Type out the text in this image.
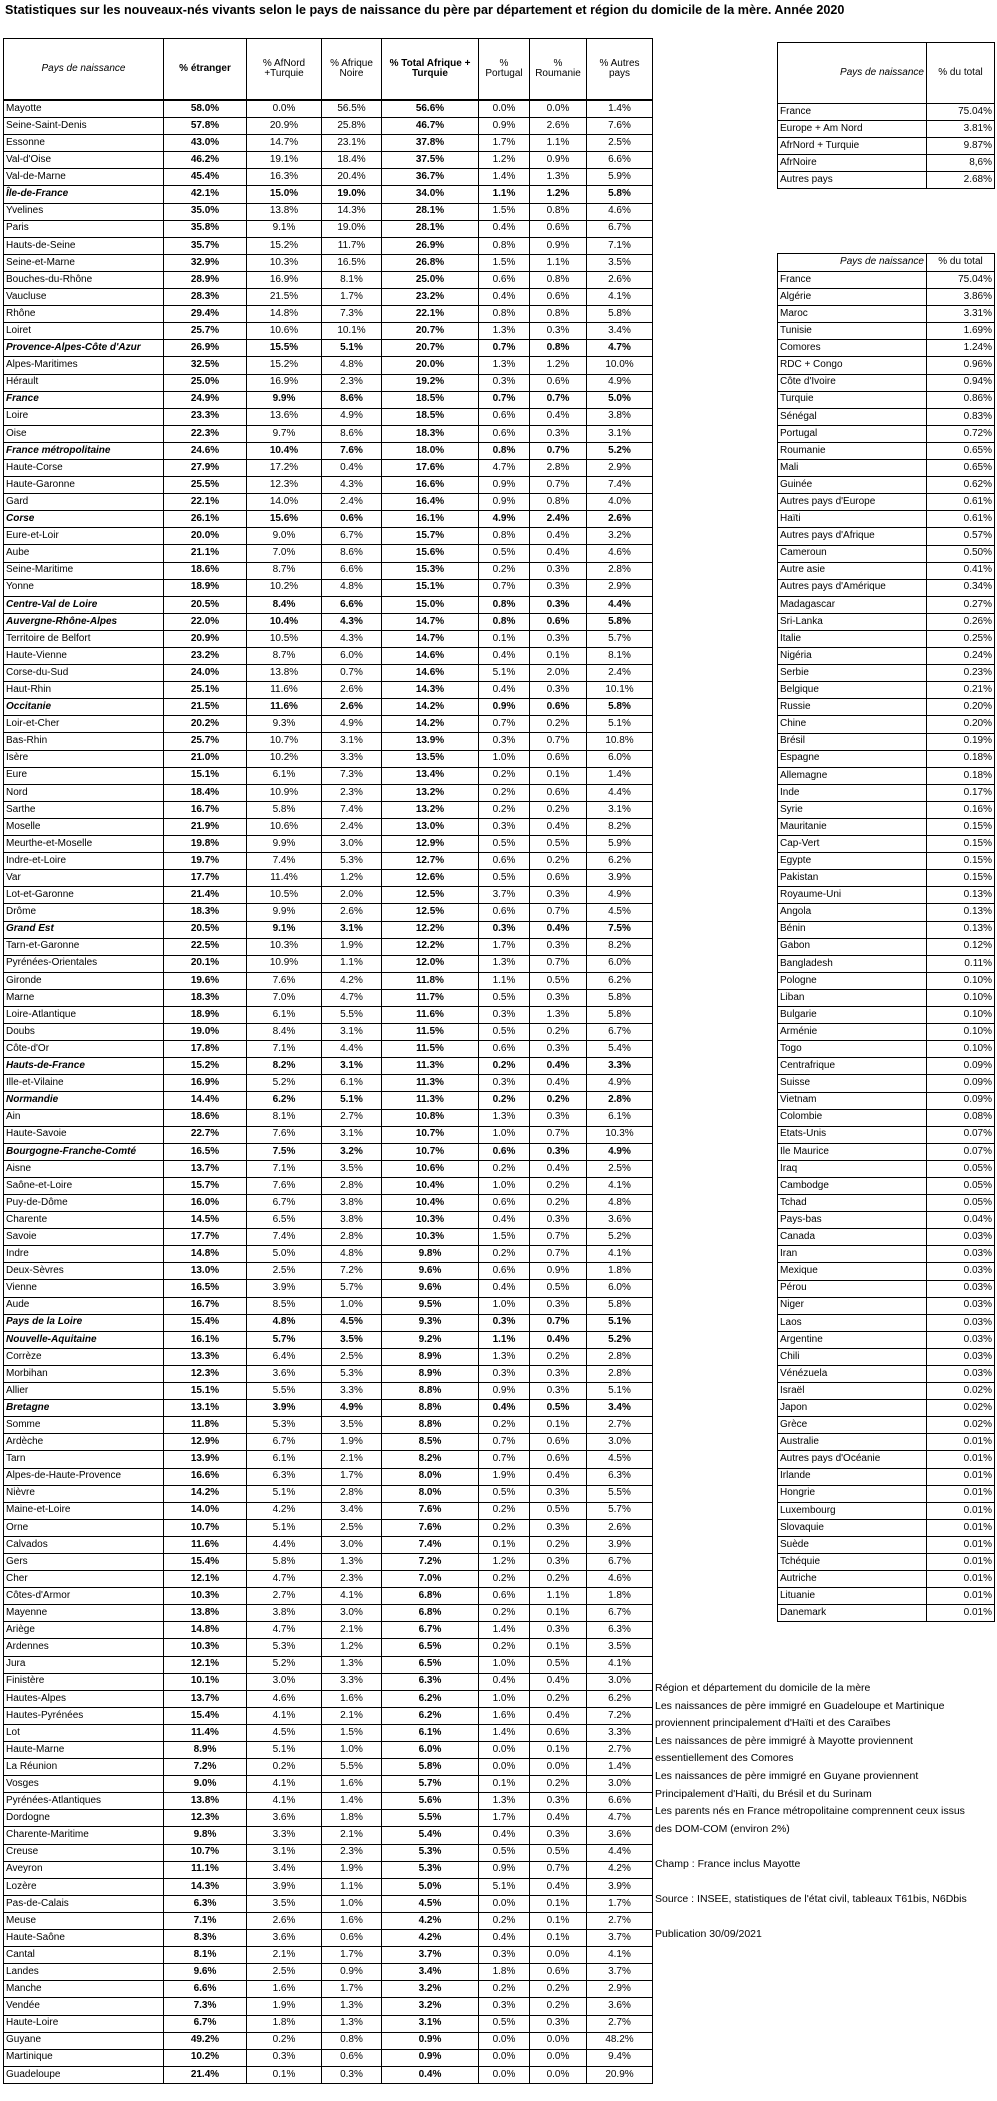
Statistiques sur les nouveaux-nés vivants selon le pays de naissance du père par département et région du domicile de la mère. Année 2020
Pays de naissance	% étranger	% AfNord +Turquie	% Afrique Noire	% Total Afrique + Turquie	% Portugal	% Roumanie	% Autres pays
Mayotte	58.0%	0.0%	56.5%	56.6%	0.0%	0.0%	1.4%
Seine-Saint-Denis	57.8%	20.9%	25.8%	46.7%	0.9%	2.6%	7.6%
Essonne	43.0%	14.7%	23.1%	37.8%	1.7%	1.1%	2.5%
Val-d'Oise	46.2%	19.1%	18.4%	37.5%	1.2%	0.9%	6.6%
Val-de-Marne	45.4%	16.3%	20.4%	36.7%	1.4%	1.3%	5.9%
Île-de-France	42.1%	15.0%	19.0%	34.0%	1.1%	1.2%	5.8%
Yvelines	35.0%	13.8%	14.3%	28.1%	1.5%	0.8%	4.6%
Paris	35.8%	9.1%	19.0%	28.1%	0.4%	0.6%	6.7%
Hauts-de-Seine	35.7%	15.2%	11.7%	26.9%	0.8%	0.9%	7.1%
Seine-et-Marne	32.9%	10.3%	16.5%	26.8%	1.5%	1.1%	3.5%
Bouches-du-Rhône	28.9%	16.9%	8.1%	25.0%	0.6%	0.8%	2.6%
Vaucluse	28.3%	21.5%	1.7%	23.2%	0.4%	0.6%	4.1%
Rhône	29.4%	14.8%	7.3%	22.1%	0.8%	0.8%	5.8%
Loiret	25.7%	10.6%	10.1%	20.7%	1.3%	0.3%	3.4%
Provence-Alpes-Côte d'Azur	26.9%	15.5%	5.1%	20.7%	0.7%	0.8%	4.7%
Alpes-Maritimes	32.5%	15.2%	4.8%	20.0%	1.3%	1.2%	10.0%
Hérault	25.0%	16.9%	2.3%	19.2%	0.3%	0.6%	4.9%
France	24.9%	9.9%	8.6%	18.5%	0.7%	0.7%	5.0%
Loire	23.3%	13.6%	4.9%	18.5%	0.6%	0.4%	3.8%
Oise	22.3%	9.7%	8.6%	18.3%	0.6%	0.3%	3.1%
France métropolitaine	24.6%	10.4%	7.6%	18.0%	0.8%	0.7%	5.2%
Haute-Corse	27.9%	17.2%	0.4%	17.6%	4.7%	2.8%	2.9%
Haute-Garonne	25.5%	12.3%	4.3%	16.6%	0.9%	0.7%	7.4%
Gard	22.1%	14.0%	2.4%	16.4%	0.9%	0.8%	4.0%
Corse	26.1%	15.6%	0.6%	16.1%	4.9%	2.4%	2.6%
Eure-et-Loir	20.0%	9.0%	6.7%	15.7%	0.8%	0.4%	3.2%
Aube	21.1%	7.0%	8.6%	15.6%	0.5%	0.4%	4.6%
Seine-Maritime	18.6%	8.7%	6.6%	15.3%	0.2%	0.3%	2.8%
Yonne	18.9%	10.2%	4.8%	15.1%	0.7%	0.3%	2.9%
Centre-Val de Loire	20.5%	8.4%	6.6%	15.0%	0.8%	0.3%	4.4%
Auvergne-Rhône-Alpes	22.0%	10.4%	4.3%	14.7%	0.8%	0.6%	5.8%
Territoire de Belfort	20.9%	10.5%	4.3%	14.7%	0.1%	0.3%	5.7%
Haute-Vienne	23.2%	8.7%	6.0%	14.6%	0.4%	0.1%	8.1%
Corse-du-Sud	24.0%	13.8%	0.7%	14.6%	5.1%	2.0%	2.4%
Haut-Rhin	25.1%	11.6%	2.6%	14.3%	0.4%	0.3%	10.1%
Occitanie	21.5%	11.6%	2.6%	14.2%	0.9%	0.6%	5.8%
Loir-et-Cher	20.2%	9.3%	4.9%	14.2%	0.7%	0.2%	5.1%
Bas-Rhin	25.7%	10.7%	3.1%	13.9%	0.3%	0.7%	10.8%
Isère	21.0%	10.2%	3.3%	13.5%	1.0%	0.6%	6.0%
Eure	15.1%	6.1%	7.3%	13.4%	0.2%	0.1%	1.4%
Nord	18.4%	10.9%	2.3%	13.2%	0.2%	0.6%	4.4%
Sarthe	16.7%	5.8%	7.4%	13.2%	0.2%	0.2%	3.1%
Moselle	21.9%	10.6%	2.4%	13.0%	0.3%	0.4%	8.2%
Meurthe-et-Moselle	19.8%	9.9%	3.0%	12.9%	0.5%	0.5%	5.9%
Indre-et-Loire	19.7%	7.4%	5.3%	12.7%	0.6%	0.2%	6.2%
Var	17.7%	11.4%	1.2%	12.6%	0.5%	0.6%	3.9%
Lot-et-Garonne	21.4%	10.5%	2.0%	12.5%	3.7%	0.3%	4.9%
Drôme	18.3%	9.9%	2.6%	12.5%	0.6%	0.7%	4.5%
Grand Est	20.5%	9.1%	3.1%	12.2%	0.3%	0.4%	7.5%
Tarn-et-Garonne	22.5%	10.3%	1.9%	12.2%	1.7%	0.3%	8.2%
Pyrénées-Orientales	20.1%	10.9%	1.1%	12.0%	1.3%	0.7%	6.0%
Gironde	19.6%	7.6%	4.2%	11.8%	1.1%	0.5%	6.2%
Marne	18.3%	7.0%	4.7%	11.7%	0.5%	0.3%	5.8%
Loire-Atlantique	18.9%	6.1%	5.5%	11.6%	0.3%	1.3%	5.8%
Doubs	19.0%	8.4%	3.1%	11.5%	0.5%	0.2%	6.7%
Côte-d'Or	17.8%	7.1%	4.4%	11.5%	0.6%	0.3%	5.4%
Hauts-de-France	15.2%	8.2%	3.1%	11.3%	0.2%	0.4%	3.3%
Ille-et-Vilaine	16.9%	5.2%	6.1%	11.3%	0.3%	0.4%	4.9%
Normandie	14.4%	6.2%	5.1%	11.3%	0.2%	0.2%	2.8%
Ain	18.6%	8.1%	2.7%	10.8%	1.3%	0.3%	6.1%
Haute-Savoie	22.7%	7.6%	3.1%	10.7%	1.0%	0.7%	10.3%
Bourgogne-Franche-Comté	16.5%	7.5%	3.2%	10.7%	0.6%	0.3%	4.9%
Aisne	13.7%	7.1%	3.5%	10.6%	0.2%	0.4%	2.5%
Saône-et-Loire	15.7%	7.6%	2.8%	10.4%	1.0%	0.2%	4.1%
Puy-de-Dôme	16.0%	6.7%	3.8%	10.4%	0.6%	0.2%	4.8%
Charente	14.5%	6.5%	3.8%	10.3%	0.4%	0.3%	3.6%
Savoie	17.7%	7.4%	2.8%	10.3%	1.5%	0.7%	5.2%
Indre	14.8%	5.0%	4.8%	9.8%	0.2%	0.7%	4.1%
Deux-Sèvres	13.0%	2.5%	7.2%	9.6%	0.6%	0.9%	1.8%
Vienne	16.5%	3.9%	5.7%	9.6%	0.4%	0.5%	6.0%
Aude	16.7%	8.5%	1.0%	9.5%	1.0%	0.3%	5.8%
Pays de la Loire	15.4%	4.8%	4.5%	9.3%	0.3%	0.7%	5.1%
Nouvelle-Aquitaine	16.1%	5.7%	3.5%	9.2%	1.1%	0.4%	5.2%
Corrèze	13.3%	6.4%	2.5%	8.9%	1.3%	0.2%	2.8%
Morbihan	12.3%	3.6%	5.3%	8.9%	0.3%	0.3%	2.8%
Allier	15.1%	5.5%	3.3%	8.8%	0.9%	0.3%	5.1%
Bretagne	13.1%	3.9%	4.9%	8.8%	0.4%	0.5%	3.4%
Somme	11.8%	5.3%	3.5%	8.8%	0.2%	0.1%	2.7%
Ardèche	12.9%	6.7%	1.9%	8.5%	0.7%	0.6%	3.0%
Tarn	13.9%	6.1%	2.1%	8.2%	0.7%	0.6%	4.5%
Alpes-de-Haute-Provence	16.6%	6.3%	1.7%	8.0%	1.9%	0.4%	6.3%
Nièvre	14.2%	5.1%	2.8%	8.0%	0.5%	0.3%	5.5%
Maine-et-Loire	14.0%	4.2%	3.4%	7.6%	0.2%	0.5%	5.7%
Orne	10.7%	5.1%	2.5%	7.6%	0.2%	0.3%	2.6%
Calvados	11.6%	4.4%	3.0%	7.4%	0.1%	0.2%	3.9%
Gers	15.4%	5.8%	1.3%	7.2%	1.2%	0.3%	6.7%
Cher	12.1%	4.7%	2.3%	7.0%	0.2%	0.2%	4.6%
Côtes-d'Armor	10.3%	2.7%	4.1%	6.8%	0.6%	1.1%	1.8%
Mayenne	13.8%	3.8%	3.0%	6.8%	0.2%	0.1%	6.7%
Ariège	14.8%	4.7%	2.1%	6.7%	1.4%	0.3%	6.3%
Ardennes	10.3%	5.3%	1.2%	6.5%	0.2%	0.1%	3.5%
Jura	12.1%	5.2%	1.3%	6.5%	1.0%	0.5%	4.1%
Finistère	10.1%	3.0%	3.3%	6.3%	0.4%	0.4%	3.0%
Hautes-Alpes	13.7%	4.6%	1.6%	6.2%	1.0%	0.2%	6.2%
Hautes-Pyrénées	15.4%	4.1%	2.1%	6.2%	1.6%	0.4%	7.2%
Lot	11.4%	4.5%	1.5%	6.1%	1.4%	0.6%	3.3%
Haute-Marne	8.9%	5.1%	1.0%	6.0%	0.0%	0.1%	2.7%
La Réunion	7.2%	0.2%	5.5%	5.8%	0.0%	0.0%	1.4%
Vosges	9.0%	4.1%	1.6%	5.7%	0.1%	0.2%	3.0%
Pyrénées-Atlantiques	13.8%	4.1%	1.4%	5.6%	1.3%	0.3%	6.6%
Dordogne	12.3%	3.6%	1.8%	5.5%	1.7%	0.4%	4.7%
Charente-Maritime	9.8%	3.3%	2.1%	5.4%	0.4%	0.3%	3.6%
Creuse	10.7%	3.1%	2.3%	5.3%	0.5%	0.5%	4.4%
Aveyron	11.1%	3.4%	1.9%	5.3%	0.9%	0.7%	4.2%
Lozère	14.3%	3.9%	1.1%	5.0%	5.1%	0.4%	3.9%
Pas-de-Calais	6.3%	3.5%	1.0%	4.5%	0.0%	0.1%	1.7%
Meuse	7.1%	2.6%	1.6%	4.2%	0.2%	0.1%	2.7%
Haute-Saône	8.3%	3.6%	0.6%	4.2%	0.4%	0.1%	3.7%
Cantal	8.1%	2.1%	1.7%	3.7%	0.3%	0.0%	4.1%
Landes	9.6%	2.5%	0.9%	3.4%	1.8%	0.6%	3.7%
Manche	6.6%	1.6%	1.7%	3.2%	0.2%	0.2%	2.9%
Vendée	7.3%	1.9%	1.3%	3.2%	0.3%	0.2%	3.6%
Haute-Loire	6.7%	1.8%	1.3%	3.1%	0.5%	0.3%	2.7%
Guyane	49.2%	0.2%	0.8%	0.9%	0.0%	0.0%	48.2%
Martinique	10.2%	0.3%	0.6%	0.9%	0.0%	0.0%	9.4%
Guadeloupe	21.4%	0.1%	0.3%	0.4%	0.0%	0.0%	20.9%
Pays de naissance	% du total
France	75.04%
Europe + Am Nord	3.81%
AfrNord + Turquie	9.87%
AfrNoire	8,6%
Autres pays	2.68%
Pays de naissance	% du total
France	75.04%
Algérie	3.86%
Maroc	3.31%
Tunisie	1.69%
Comores	1.24%
RDC + Congo	0.96%
Côte d'Ivoire	0.94%
Turquie	0.86%
Sénégal	0.83%
Portugal	0.72%
Roumanie	0.65%
Mali	0.65%
Guinée	0.62%
Autres pays d'Europe	0.61%
Haïti	0.61%
Autres pays d'Afrique	0.57%
Cameroun	0.50%
Autre asie	0.41%
Autres pays d'Amérique	0.34%
Madagascar	0.27%
Sri-Lanka	0.26%
Italie	0.25%
Nigéria	0.24%
Serbie	0.23%
Belgique	0.21%
Russie	0.20%
Chine	0.20%
Brésil	0.19%
Espagne	0.18%
Allemagne	0.18%
Inde	0.17%
Syrie	0.16%
Mauritanie	0.15%
Cap-Vert	0.15%
Egypte	0.15%
Pakistan	0.15%
Royaume-Uni	0.13%
Angola	0.13%
Bénin	0.13%
Gabon	0.12%
Bangladesh	0.11%
Pologne	0.10%
Liban	0.10%
Bulgarie	0.10%
Arménie	0.10%
Togo	0.10%
Centrafrique	0.09%
Suisse	0.09%
Vietnam	0.09%
Colombie	0.08%
Etats-Unis	0.07%
Ile Maurice	0.07%
Iraq	0.05%
Cambodge	0.05%
Tchad	0.05%
Pays-bas	0.04%
Canada	0.03%
Iran	0.03%
Mexique	0.03%
Pérou	0.03%
Niger	0.03%
Laos	0.03%
Argentine	0.03%
Chili	0.03%
Vénézuela	0.03%
Israël	0.02%
Japon	0.02%
Grèce	0.02%
Australie	0.01%
Autres pays d'Océanie	0.01%
Irlande	0.01%
Hongrie	0.01%
Luxembourg	0.01%
Slovaquie	0.01%
Suède	0.01%
Tchéquie	0.01%
Autriche	0.01%
Lituanie	0.01%
Danemark	0.01%
Région et département du domicile de la mère
Les naissances de père immigré en Guadeloupe et Martinique
proviennent principalement d'Haïti et des Caraïbes
Les naissances de père immigré à Mayotte proviennent
essentiellement des Comores
Les naissances de père immigré en Guyane proviennent
Principalement d'Haïti, du Brésil et du Surinam
Les parents nés en France métropolitaine comprennent ceux issus
des DOM-COM (environ 2%)

Champ : France inclus Mayotte

Source : INSEE, statistiques de l'état civil, tableaux T61bis, N6Dbis

Publication 30/09/2021
